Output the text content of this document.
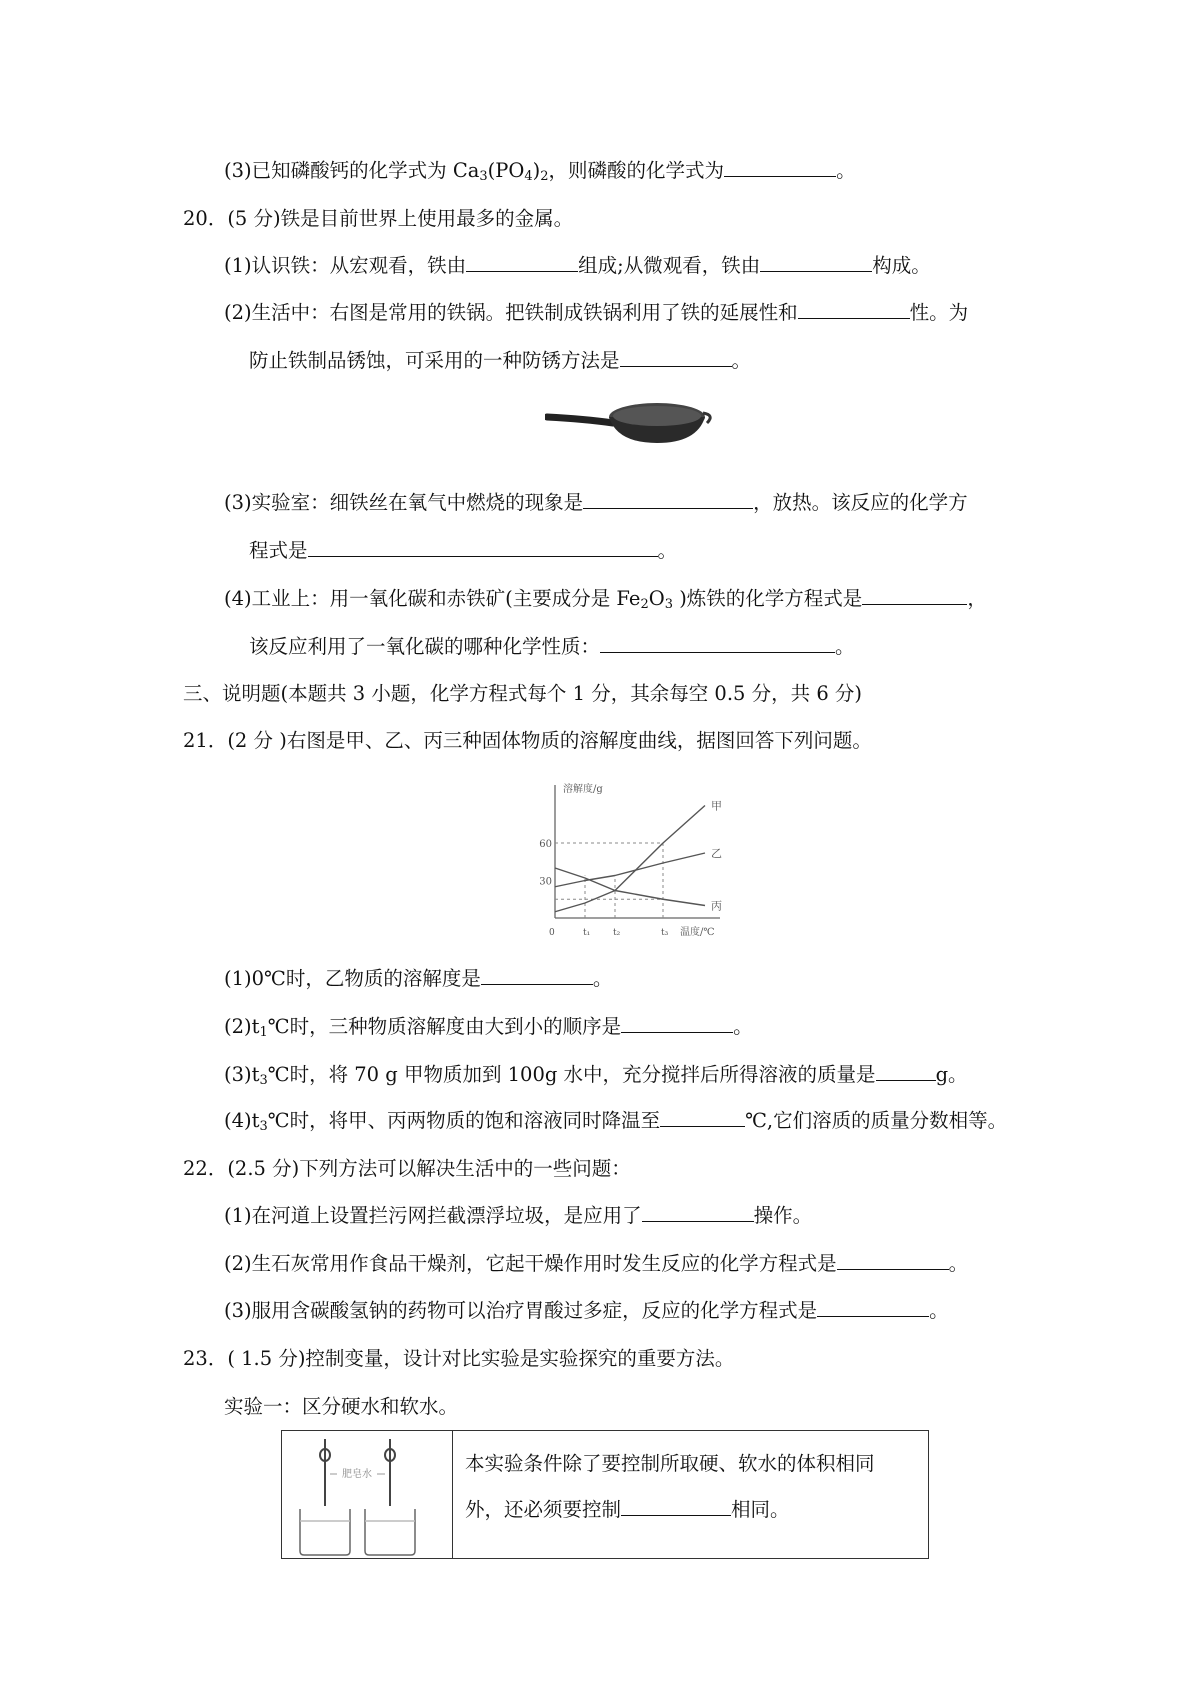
(3)已知磷酸钙的化学式为 $Ca_3(PO_4)_2$，则磷酸的化学式为	。
20．(5 分)铁是目前世界上使用最多的金属。
(1)认识铁：从宏观看，铁由	组成;从微观看，铁由	构成。
(2)生活中：右图是常用的铁锅。把铁制成铁锅利用了铁的延展性和	性。为
防止铁制品锈蚀，可采用的一种防锈方法是	。
(3)实验室：细铁丝在氧气中燃烧的现象是	，放热。该反应的化学方
程式是	。
(4)工业上：用一氧化碳和赤铁矿(主要成分是 $Fe_2O_3$ )炼铁的化学方程式是	，
该反应利用了一氧化碳的哪种化学性质：	。
三、说明题(本题共 3 小题，化学方程式每个 1 分，其余每空 0.5 分，共 6 分)
21．(2 分 )右图是甲、乙、丙三种固体物质的溶解度曲线，据图回答下列问题。
溶解度/g
温度/℃
30
60
0	t₁	t₂	t₃
甲
乙
丙
(1)0℃时，乙物质的溶解度是	。
$(2)t_1℃$时，三种物质溶解度由大到小的顺序是	。
$(3)t_3℃$时，将 70 g 甲物质加到 100g 水中，充分搅拌后所得溶液的质量是	g。
$(4)t_3℃$时，将甲、丙两物质的饱和溶液同时降温至	℃,它们溶质的质量分数相等。
22．(2.5 分)下列方法可以解决生活中的一些问题：
(1)在河道上设置拦污网拦截漂浮垃圾，是应用了	操作。
(2)生石灰常用作食品干燥剂，它起干燥作用时发生反应的化学方程式是	。
(3)服用含碳酸氢钠的药物可以治疗胃酸过多症，反应的化学方程式是	。
23．( 1.5 分)控制变量，设计对比实验是实验探究的重要方法。
实验一：区分硬水和软水。
肥皂水	本实验条件除了要控制所取硬、软水的体积相同
外，还必须要控制	相同。
